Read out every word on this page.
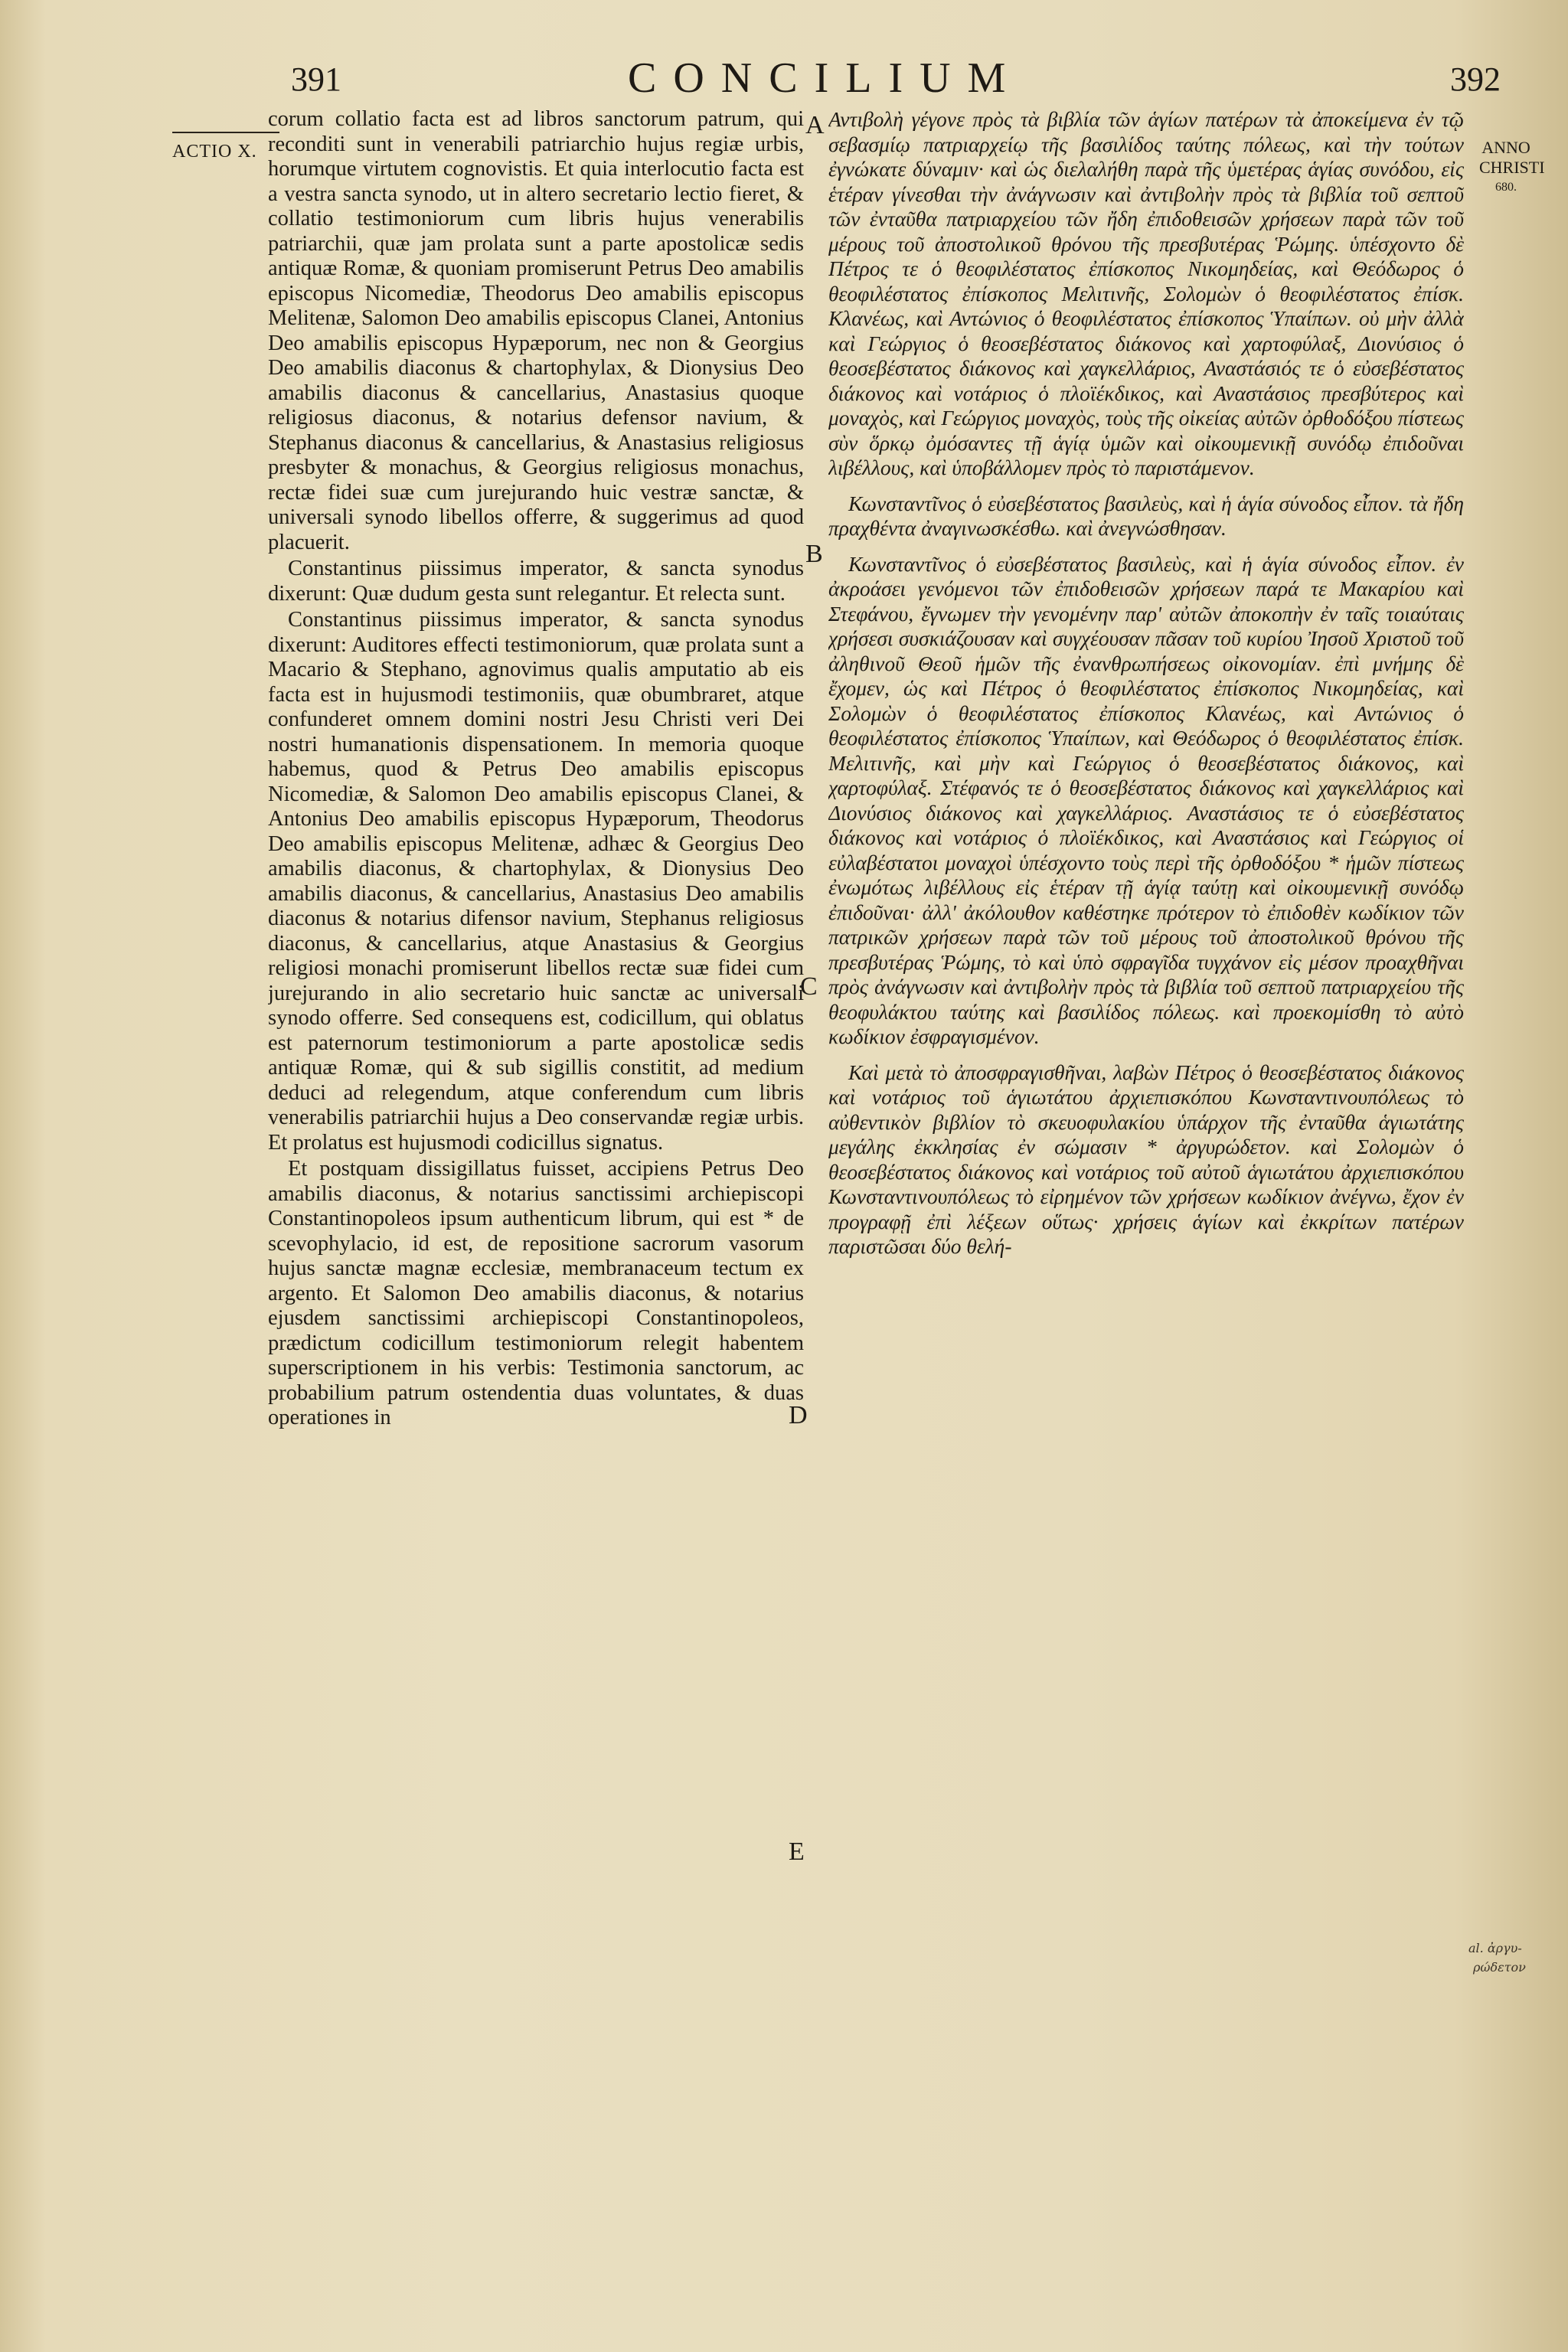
391	CONCILIUM	392
ACTIO X.	ANNO
CHRISTI
680.
al. ἀργυ-
ρώδετον
A
B
C
D
E

corum collatio facta est ad libros sanctorum patrum, qui reconditi sunt in venerabili patriarchio hujus regiæ urbis, horumque virtutem cognovistis. Et quia interlocutio facta est a vestra sancta synodo, ut in altero secretario lectio fieret, & collatio testimoniorum cum libris hujus venerabilis patriarchii, quæ jam prolata sunt a parte apostolicæ sedis antiquæ Romæ, & quoniam promiserunt Petrus Deo amabilis episcopus Nicomediæ, Theodorus Deo amabilis episcopus Melitenæ, Salomon Deo amabilis episcopus Clanei, Antonius Deo amabilis episcopus Hypæporum, nec non & Georgius Deo amabilis diaconus & chartophylax, & Dionysius Deo amabilis diaconus & cancellarius, Anastasius quoque religiosus diaconus, & notarius defensor navium, & Stephanus diaconus & cancellarius, & Anastasius religiosus presbyter & monachus, & Georgius religiosus monachus, rectæ fidei suæ cum jurejurando huic vestræ sanctæ, & universali synodo libellos offerre, & suggerimus ad quod placuerit.

Constantinus piissimus imperator, & sancta synodus dixerunt: Quæ dudum gesta sunt relegantur. Et relecta sunt.

Constantinus piissimus imperator, & sancta synodus dixerunt: Auditores effecti testimoniorum, quæ prolata sunt a Macario & Stephano, agnovimus qualis amputatio ab eis facta est in hujusmodi testimoniis, quæ obumbraret, atque confunderet omnem domini nostri Jesu Christi veri Dei nostri humanationis dispensationem. In memoria quoque habemus, quod & Petrus Deo amabilis episcopus Nicomediæ, & Salomon Deo amabilis episcopus Clanei, & Antonius Deo amabilis episcopus Hypæporum, Theodorus Deo amabilis episcopus Melitenæ, adhæc & Georgius Deo amabilis diaconus, & chartophylax, & Dionysius Deo amabilis diaconus, & cancellarius, Anastasius Deo amabilis diaconus & notarius difensor navium, Stephanus religiosus diaconus, & cancellarius, atque Anastasius & Georgius religiosi monachi promiserunt libellos rectæ suæ fidei cum jurejurando in alio secretario huic sanctæ ac universali synodo offerre. Sed consequens est, codicillum, qui oblatus est paternorum testimoniorum a parte apostolicæ sedis antiquæ Romæ, qui & sub sigillis constitit, ad medium deduci ad relegendum, atque conferendum cum libris venerabilis patriarchii hujus a Deo conservandæ regiæ urbis. Et prolatus est hujusmodi codicillus signatus.

Et postquam dissigillatus fuisset, accipiens Petrus Deo amabilis diaconus, & notarius sanctissimi archiepiscopi Constantinopoleos ipsum authenticum librum, qui est * de scevophylacio, id est, de repositione sacrorum vasorum hujus sanctæ magnæ ecclesiæ, membranaceum tectum ex argento. Et Salomon Deo amabilis diaconus, & notarius ejusdem sanctissimi archiepiscopi Constantinopoleos, prædictum codicillum testimoniorum relegit habentem superscriptionem in his verbis: Testimonia sanctorum, ac probabilium patrum ostendentia duas voluntates, & duas operationes in

Αντιβολὴ γέγονε πρὸς τὰ βιβλία τῶν ἁγίων πατέρων τὰ ἀποκείμενα ἐν τῷ σεβασμίῳ πατριαρχείῳ τῆς βασιλίδος ταύτης πόλεως, καὶ τὴν τούτων ἐγνώκατε δύναμιν· καὶ ὡς διελαλήθη παρὰ τῆς ὑμετέρας ἁγίας συνόδου, εἰς ἑτέραν γίνεσθαι τὴν ἀνάγνωσιν καὶ ἀντιβολὴν πρὸς τὰ βιβλία τοῦ σεπτοῦ τῶν ἐνταῦθα πατριαρχείου τῶν ἤδη ἐπιδοθεισῶν χρήσεων παρὰ τῶν τοῦ μέρους τοῦ ἀποστολικοῦ θρόνου τῆς πρεσβυτέρας Ῥώμης. ὑπέσχοντο δὲ Πέτρος τε ὁ θεοφιλέστατος ἐπίσκοπος Νικομηδείας, καὶ Θεόδωρος ὁ θεοφιλέστατος ἐπίσκοπος Μελιτινῆς, Σολομὼν ὁ θεοφιλέστατος ἐπίσκ. Κλανέως, καὶ Αντώνιος ὁ θεοφιλέστατος ἐπίσκοπος Ὑπαίπων. οὐ μὴν ἀλλὰ καὶ Γεώργιος ὁ θεοσεβέστατος διάκονος καὶ χαρτοφύλαξ, Διονύσιος ὁ θεοσεβέστατος διάκονος καὶ χαγκελλάριος, Αναστάσιός τε ὁ εὐσεβέστατος διάκονος καὶ νοτάριος ὁ πλοϊέκδικος, καὶ Αναστάσιος πρεσβύτερος καὶ μοναχὸς, καὶ Γεώργιος μοναχὸς, τοὺς τῆς οἰκείας αὐτῶν ὀρθοδόξου πίστεως σὺν ὅρκῳ ὀμόσαντες τῇ ἁγίᾳ ὑμῶν καὶ οἰκουμενικῇ συνόδῳ ἐπιδοῦναι λιβέλλους, καὶ ὑποβάλλομεν πρὸς τὸ παριστάμενον.

Κωνσταντῖνος ὁ εὐσεβέστατος βασιλεὺς, καὶ ἡ ἁγία σύνοδος εἶπον. τὰ ἤδη πραχθέντα ἀναγινωσκέσθω. καὶ ἀνεγνώσθησαν.

Κωνσταντῖνος ὁ εὐσεβέστατος βασιλεὺς, καὶ ἡ ἁγία σύνοδος εἶπον. ἐν ἀκροάσει γενόμενοι τῶν ἐπιδοθεισῶν χρήσεων παρά τε Μακαρίου καὶ Στεφάνου, ἔγνωμεν τὴν γενομένην παρ' αὐτῶν ἀποκοπὴν ἐν ταῖς τοιαύταις χρήσεσι συσκιάζουσαν καὶ συγχέουσαν πᾶσαν τοῦ κυρίου Ἰησοῦ Χριστοῦ τοῦ ἀληθινοῦ Θεοῦ ἡμῶν τῆς ἐνανθρωπήσεως οἰκονομίαν. ἐπὶ μνήμης δὲ ἔχομεν, ὡς καὶ Πέτρος ὁ θεοφιλέστατος ἐπίσκοπος Νικομηδείας, καὶ Σολομὼν ὁ θεοφιλέστατος ἐπίσκοπος Κλανέως, καὶ Αντώνιος ὁ θεοφιλέστατος ἐπίσκοπος Ὑπαίπων, καὶ Θεόδωρος ὁ θεοφιλέστατος ἐπίσκ. Μελιτινῆς, καὶ μὴν καὶ Γεώργιος ὁ θεοσεβέστατος διάκονος, καὶ χαρτοφύλαξ. Στέφανός τε ὁ θεοσεβέστατος διάκονος καὶ χαγκελλάριος καὶ Διονύσιος διάκονος καὶ χαγκελλάριος. Αναστάσιος τε ὁ εὐσεβέστατος διάκονος καὶ νοτάριος ὁ πλοϊέκδικος, καὶ Αναστάσιος καὶ Γεώργιος οἱ εὐλαβέστατοι μοναχοὶ ὑπέσχοντο τοὺς περὶ τῆς ὀρθοδόξου * ἡμῶν πίστεως ἐνωμότως λιβέλλους εἰς ἑτέραν τῇ ἁγίᾳ ταύτῃ καὶ οἰκουμενικῇ συνόδῳ ἐπιδοῦναι· ἀλλ' ἀκόλουθον καθέστηκε πρότερον τὸ ἐπιδοθὲν κωδίκιον τῶν πατρικῶν χρήσεων παρὰ τῶν τοῦ μέρους τοῦ ἀποστολικοῦ θρόνου τῆς πρεσβυτέρας Ῥώμης, τὸ καὶ ὑπὸ σφραγῖδα τυγχάνον εἰς μέσον προαχθῆναι πρὸς ἀνάγνωσιν καὶ ἀντιβολὴν πρὸς τὰ βιβλία τοῦ σεπτοῦ πατριαρχείου τῆς θεοφυλάκτου ταύτης καὶ βασιλίδος πόλεως. καὶ προεκομίσθη τὸ αὐτὸ κωδίκιον ἐσφραγισμένον.

Καὶ μετὰ τὸ ἀποσφραγισθῆναι, λαβὼν Πέτρος ὁ θεοσεβέστατος διάκονος καὶ νοτάριος τοῦ ἁγιωτάτου ἀρχιεπισκόπου Κωνσταντινουπόλεως τὸ αὐθεντικὸν βιβλίον τὸ σκευοφυλακίου ὑπάρχον τῆς ἐνταῦθα ἁγιωτάτης μεγάλης ἐκκλησίας ἐν σώμασιν * ἀργυρώδετον. καὶ Σολομὼν ὁ θεοσεβέστατος διάκονος καὶ νοτάριος τοῦ αὐτοῦ ἁγιωτάτου ἀρχιεπισκόπου Κωνσταντινουπόλεως τὸ εἰρημένον τῶν χρήσεων κωδίκιον ἀνέγνω, ἔχον ἐν προγραφῇ ἐπὶ λέξεων οὕτως· χρήσεις ἁγίων καὶ ἐκκρίτων πατέρων παριστῶσαι δύο θελή-
